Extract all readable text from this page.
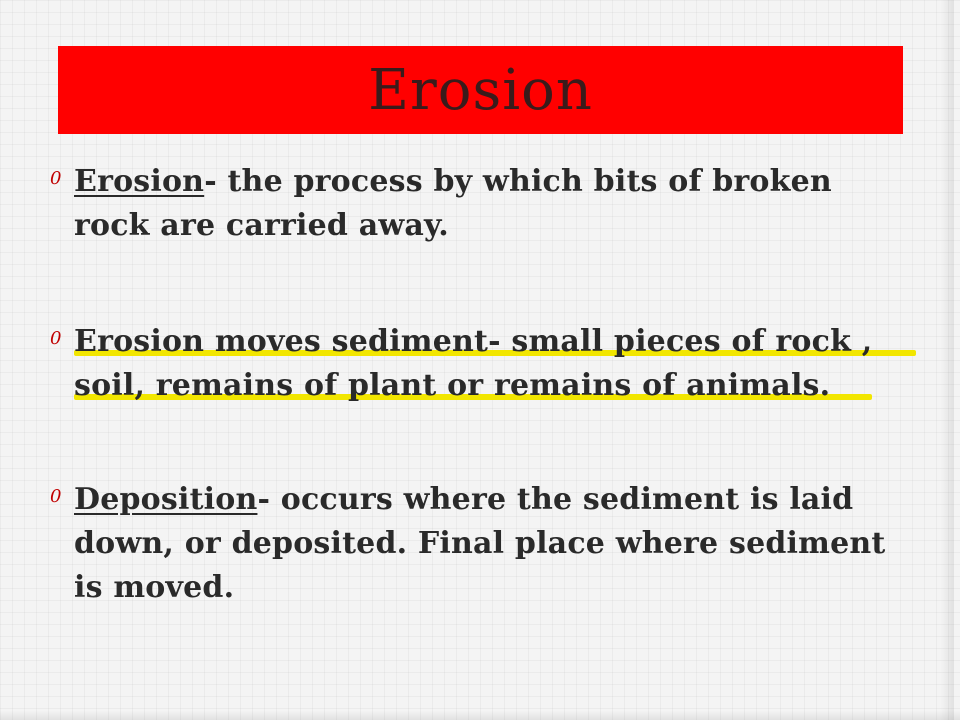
Erosion
0 Erosion- the process by which bits of broken rock are carried away.
0 Erosion moves sediment- small pieces of rock , soil, remains of plant or remains of animals.
0 Deposition- occurs where the sediment is laid down, or deposited. Final place where sediment is moved.
